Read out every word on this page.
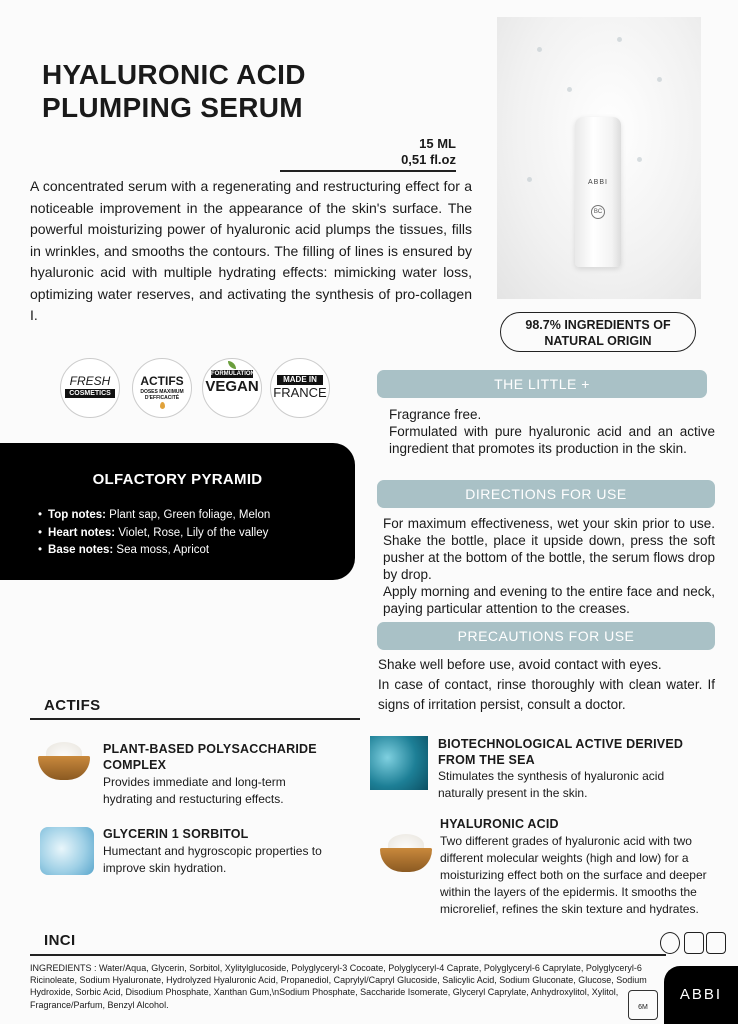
HYALURONIC ACID
PLUMPING SERUM
15 ML
0,51 fl.oz

A concentrated serum with a regenerating and restructuring effect for a noticeable improvement in the appearance of the skin's surface. The powerful moisturizing power of hyaluronic acid plumps the tissues, fills in wrinkles, and smooths the contours. The filling of lines is ensured by hyaluronic acid with multiple hydrating effects: mimicking water loss, optimizing water reserves, and activating the synthesis of pro-collagen I.

ABBI
BC
98.7% INGREDIENTS OF
NATURAL ORIGIN
FRESH
COSMETICS
ACTIFS
DOSES MAXIMUM D'EFFICACITÉ
FORMULATION
VEGAN	MADE IN
FRANCE
THE LITTLE +
Fragrance free.
Formulated with pure hyaluronic acid and an active ingredient that promotes its production in the skin.
DIRECTIONS FOR USE
For maximum effectiveness, wet your skin prior to use. Shake the bottle, place it upside down, press the soft pusher at the bottom of the bottle, the serum flows drop by drop.
Apply morning and evening to the entire face and neck, paying particular attention to the creases.
PRECAUTIONS FOR USE
Shake well before use, avoid contact with eyes.
In case of contact, rinse thoroughly with clean water. If signs of irritation persist, consult a doctor.
OLFACTORY PYRAMID
• Top notes: Plant sap, Green foliage, Melon
• Heart notes: Violet, Rose, Lily of the valley
• Base notes: Sea moss, Apricot
ACTIFS
PLANT-BASED POLYSACCHARIDE COMPLEX
Provides immediate and long-term hydrating and restucturing effects.
BIOTECHNOLOGICAL ACTIVE DERIVED FROM THE SEA
Stimulates the synthesis of hyaluronic acid naturally present in the skin.
GLYCERIN 1 SORBITOL
Humectant and hygroscopic properties to improve skin hydration.
HYALURONIC ACID
Two different grades of hyaluronic acid with two different molecular weights (high and low) for a moisturizing effect both on the surface and deeper within the layers of the epidermis. It smooths the microrelief, refines the skin texture and hydrates.
INCI
INGREDIENTS : Water/Aqua, Glycerin, Sorbitol, Xylitylglucoside, Polyglyceryl-3 Cocoate, Polyglyceryl-4 Caprate, Polyglyceryl-6 Caprylate, Polyglyceryl-6 Ricinoleate, Sodium Hyaluronate, Hydrolyzed Hyaluronic Acid, Propanediol, Caprylyl/Capryl Glucoside, Salicylic Acid, Sodium Gluconate, Glucose, Sodium Hydroxide, Sorbic Acid, Disodium Phosphate, Xanthan Gum,\nSodium Phosphate, Saccharide Isomerate, Glyceryl Caprylate, Anhydroxylitol, Xylitol, Fragrance/Parfum, Benzyl Alcohol.	6M
ABBI
